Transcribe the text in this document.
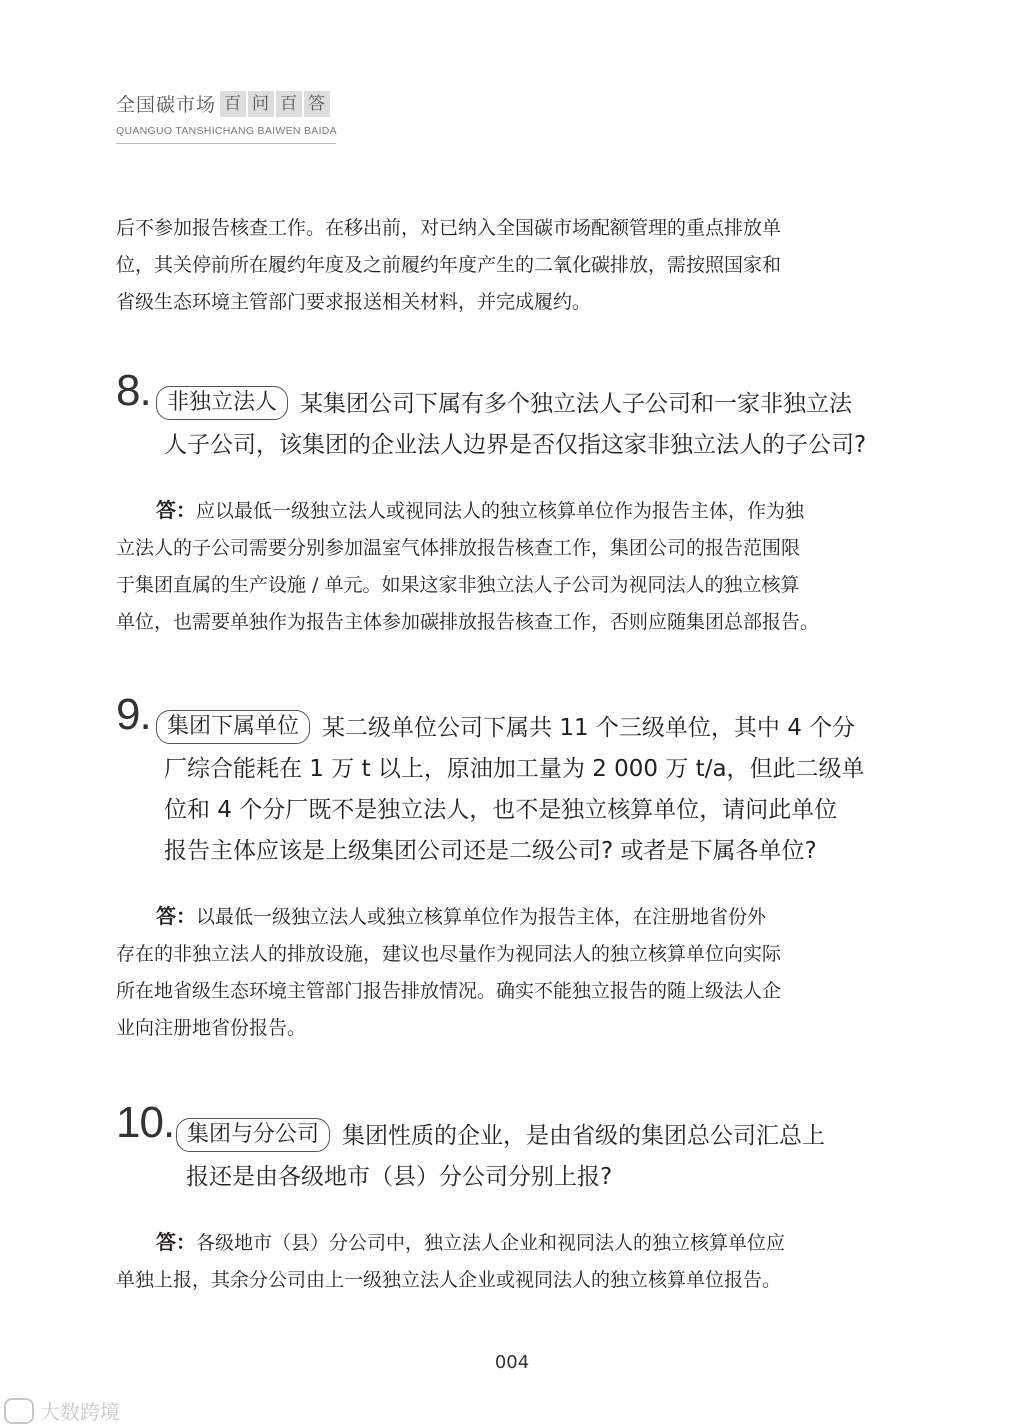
全国碳市场 百 问 百 答
QUANGUO TANSHICHANG BAIWEN BAIDA
后不参加报告核查工作。在移出前，对已纳入全国碳市场配额管理的重点排放单
位，其关停前所在履约年度及之前履约年度产生的二氧化碳排放，需按照国家和
省级生态环境主管部门要求报送相关材料，并完成履约。
8. 非独立法人 某集团公司下属有多个独立法人子公司和一家非独立法
人子公司，该集团的企业法人边界是否仅指这家非独立法人的子公司?
答：应以最低一级独立法人或视同法人的独立核算单位作为报告主体，作为独
立法人的子公司需要分别参加温室气体排放报告核查工作，集团公司的报告范围限
于集团直属的生产设施 / 单元。如果这家非独立法人子公司为视同法人的独立核算
单位，也需要单独作为报告主体参加碳排放报告核查工作，否则应随集团总部报告。
9. 集团下属单位 某二级单位公司下属共 11 个三级单位，其中 4 个分
厂综合能耗在 1 万 t 以上，原油加工量为 2 000 万 t/a，但此二级单
位和 4 个分厂既不是独立法人，也不是独立核算单位，请问此单位
报告主体应该是上级集团公司还是二级公司? 或者是下属各单位?
答：以最低一级独立法人或独立核算单位作为报告主体，在注册地省份外
存在的非独立法人的排放设施，建议也尽量作为视同法人的独立核算单位向实际
所在地省级生态环境主管部门报告排放情况。确实不能独立报告的随上级法人企
业向注册地省份报告。
10. 集团与分公司 集团性质的企业，是由省级的集团总公司汇总上
报还是由各级地市（县）分公司分别上报?
答：各级地市（县）分公司中，独立法人企业和视同法人的独立核算单位应
单独上报，其余分公司由上一级独立法人企业或视同法人的独立核算单位报告。
004
大数跨境
